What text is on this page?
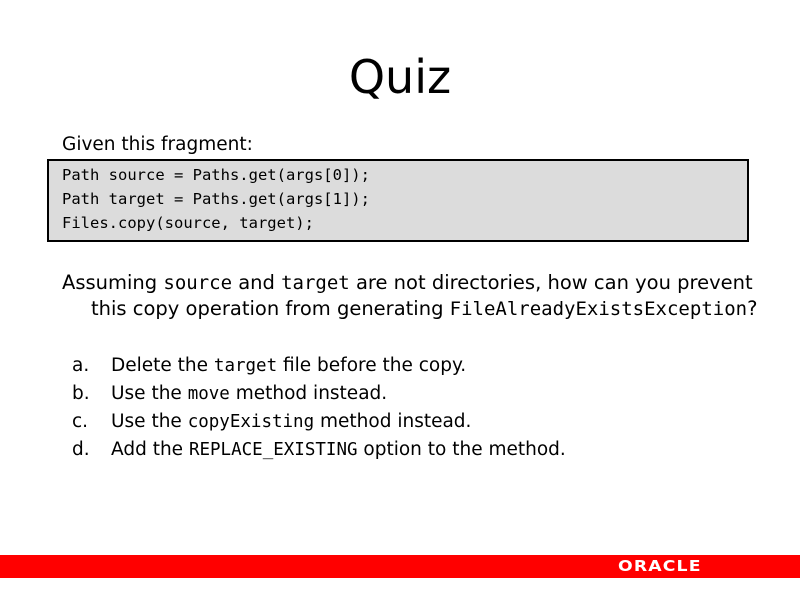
Quiz
Given this fragment:
Path source = Paths.get(args[0]);
Path target = Paths.get(args[1]);
Files.copy(source, target);
Assuming source and target are not directories, how can you prevent this copy operation from generating FileAlreadyExistsException?
a.	Delete the target file before the copy.
b.	Use the move method instead.
c.	Use the copyExisting method instead.
d.	Add the REPLACE_EXISTING option to the method.
ORACLE
